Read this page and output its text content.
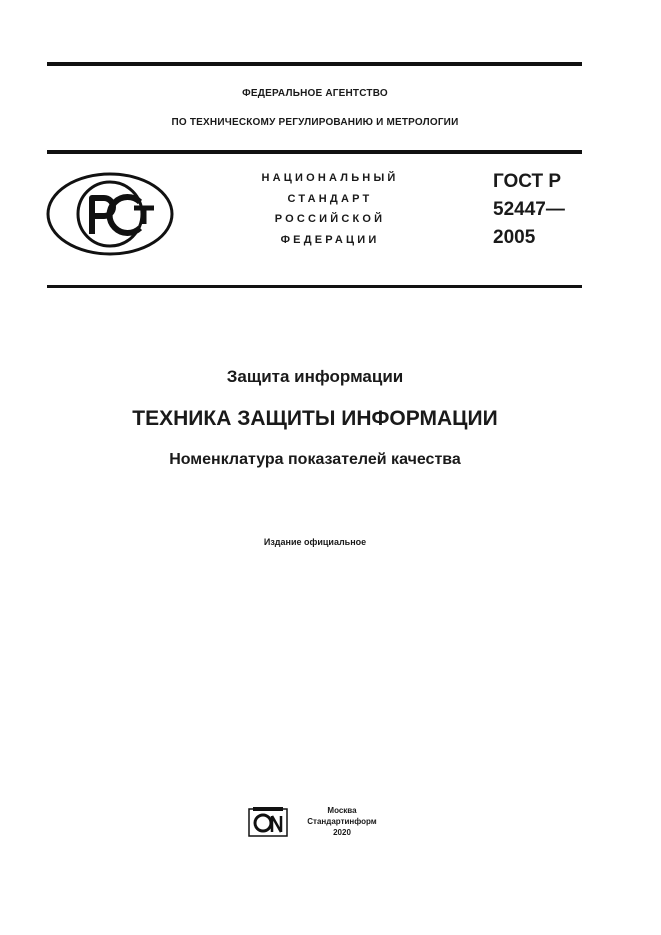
ФЕДЕРАЛЬНОЕ АГЕНТСТВО
ПО ТЕХНИЧЕСКОМУ РЕГУЛИРОВАНИЮ И МЕТРОЛОГИИ
НАЦИОНАЛЬНЫЙ
СТАНДАРТ
РОССИЙСКОЙ
ФЕДЕРАЦИИ
ГОСТ Р
52447—
2005
Защита информации
ТЕХНИКА ЗАЩИТЫ ИНФОРМАЦИИ
Номенклатура показателей качества
Издание официальное
Москва
Стандартинформ
2020
